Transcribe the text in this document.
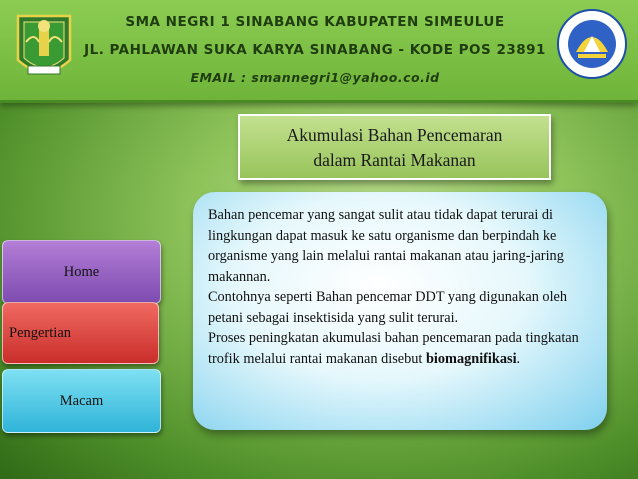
SMA NEGRI 1 SINABANG KABUPATEN SIMEULUE
JL. PAHLAWAN SUKA KARYA SINABANG - KODE POS 23891
EMAIL : smannegri1@yahoo.co.id
Akumulasi Bahan Pencemaran
dalam Rantai Makanan

Bahan pencemar yang sangat sulit atau tidak dapat terurai di lingkungan dapat masuk ke satu organisme dan berpindah ke organisme yang lain melalui rantai makanan atau jaring-jaring makannan.

Contohnya seperti Bahan pencemar DDT yang digunakan oleh petani sebagai insektisida yang sulit terurai.

Proses peningkatan akumulasi bahan pencemaran pada tingkatan trofik melalui rantai makanan disebut biomagnifikasi.

Home
Pengertian
Macam
